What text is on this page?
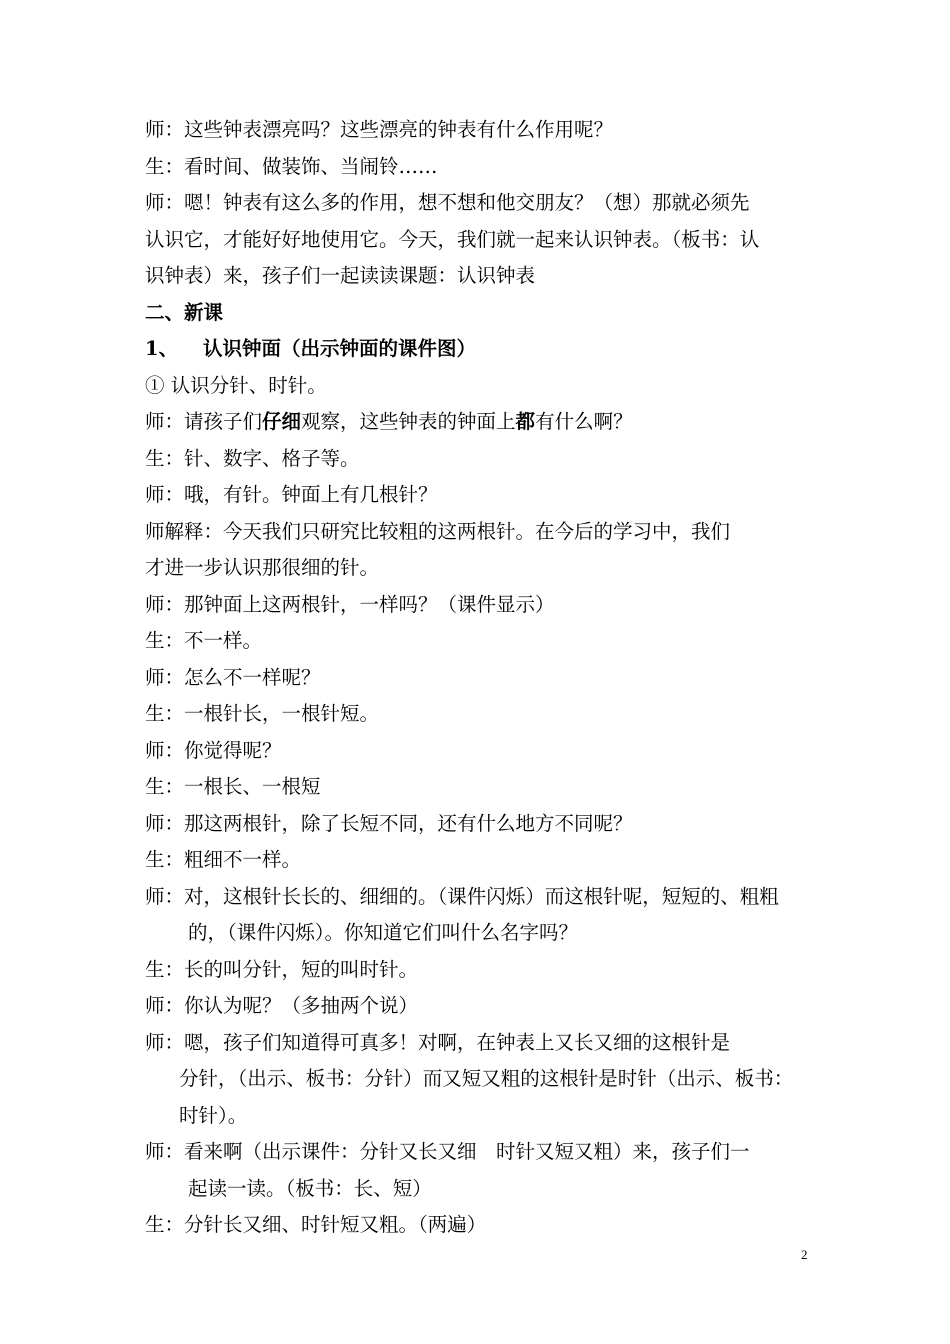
师：这些钟表漂亮吗？这些漂亮的钟表有什么作用呢？

生：看时间、做装饰、当闹铃……

师：嗯！钟表有这么多的作用，想不想和他交朋友？（想）那就必须先

认识它，才能好好地使用它。今天，我们就一起来认识钟表。（板书：认

识钟表）来，孩子们一起读读课题：认识钟表

二、新课

1、 认识钟面（出示钟面的课件图）

① 认识分针、时针。

师：请孩子们仔细观察，这些钟表的钟面上都有什么啊？

生：针、数字、格子等。

师：哦，有针。钟面上有几根针？

师解释：今天我们只研究比较粗的这两根针。在今后的学习中，我们

才进一步认识那很细的针。

师：那钟面上这两根针，一样吗？（课件显示）

生：不一样。

师：怎么不一样呢？

生：一根针长，一根针短。

师：你觉得呢？

生：一根长、一根短

师：那这两根针，除了长短不同，还有什么地方不同呢？

生：粗细不一样。

师：对，这根针长长的、细细的。（课件闪烁）而这根针呢，短短的、粗粗

的，（课件闪烁）。你知道它们叫什么名字吗？

生：长的叫分针，短的叫时针。

师：你认为呢？（多抽两个说）

师：嗯，孩子们知道得可真多！对啊，在钟表上又长又细的这根针是

分针，（出示、板书：分针）而又短又粗的这根针是时针（出示、板书：

时针）。

师：看来啊（出示课件：分针又长又细　时针又短又粗）来，孩子们一

起读一读。（板书：长、短）

生：分针长又细、时针短又粗。（两遍）

2
